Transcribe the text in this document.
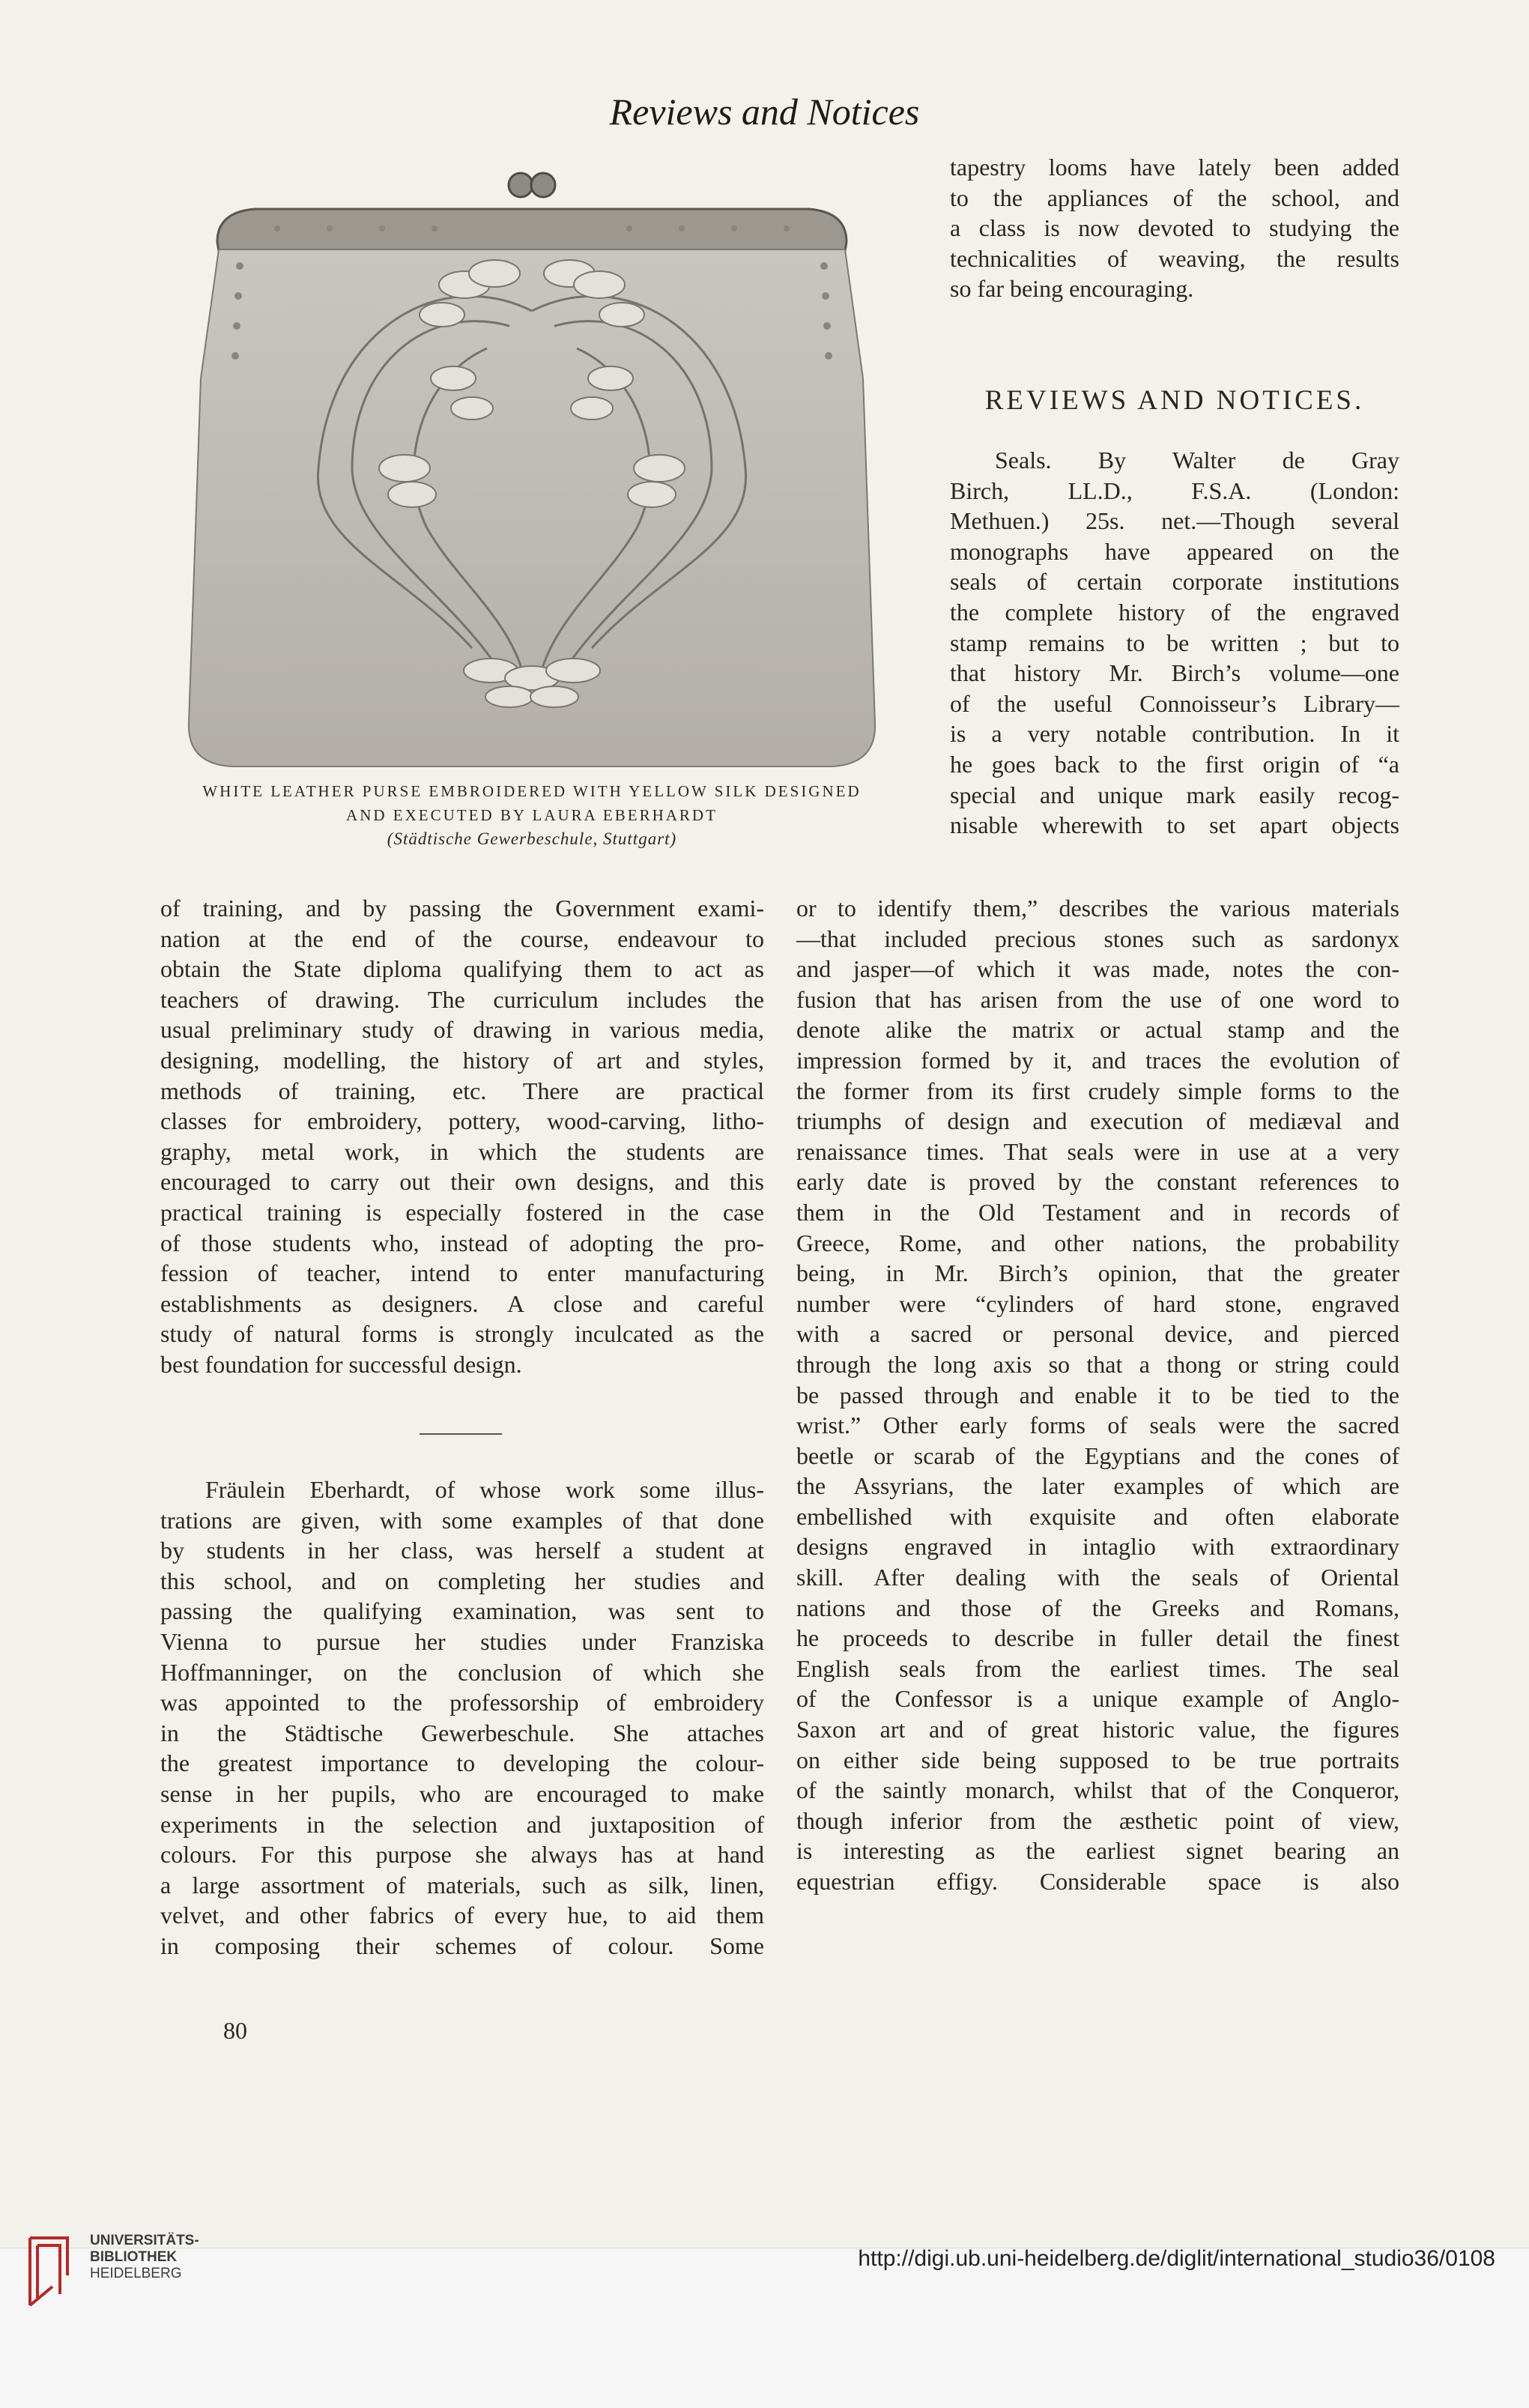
Reviews and Notices
WHITE LEATHER PURSE EMBROIDERED WITH YELLOW SILK DESIGNED
AND EXECUTED BY LAURA EBERHARDT
(Städtische Gewerbeschule, Stuttgart)
tapestry looms have lately been added
to the appliances of the school, and
a class is now devoted to studying the
technicalities of weaving, the results
so far being encouraging.
REVIEWS AND NOTICES.
Seals. By Walter de Gray
Birch, LL.D., F.S.A. (London:
Methuen.) 25s. net.—Though several
monographs have appeared on the
seals of certain corporate institutions
the complete history of the engraved
stamp remains to be written ; but to
that history Mr. Birch’s volume—one
of the useful Connoisseur’s Library—
is a very notable contribution. In it
he goes back to the first origin of “a
special and unique mark easily recog-
nisable wherewith to set apart objects
or to identify them,” describes the various materials
—that included precious stones such as sardonyx
and jasper—of which it was made, notes the con-
fusion that has arisen from the use of one word to
denote alike the matrix or actual stamp and the
impression formed by it, and traces the evolution of
the former from its first crudely simple forms to the
triumphs of design and execution of mediæval and
renaissance times. That seals were in use at a very
early date is proved by the constant references to
them in the Old Testament and in records of
Greece, Rome, and other nations, the probability
being, in Mr. Birch’s opinion, that the greater
number were “cylinders of hard stone, engraved
with a sacred or personal device, and pierced
through the long axis so that a thong or string could
be passed through and enable it to be tied to the
wrist.” Other early forms of seals were the sacred
beetle or scarab of the Egyptians and the cones of
the Assyrians, the later examples of which are
embellished with exquisite and often elaborate
designs engraved in intaglio with extraordinary
skill. After dealing with the seals of Oriental
nations and those of the Greeks and Romans,
he proceeds to describe in fuller detail the finest
English seals from the earliest times. The seal
of the Confessor is a unique example of Anglo-
Saxon art and of great historic value, the figures
on either side being supposed to be true portraits
of the saintly monarch, whilst that of the Conqueror,
though inferior from the æsthetic point of view,
is interesting as the earliest signet bearing an
equestrian effigy. Considerable space is also
of training, and by passing the Government exami-
nation at the end of the course, endeavour to
obtain the State diploma qualifying them to act as
teachers of drawing. The curriculum includes the
usual preliminary study of drawing in various media,
designing, modelling, the history of art and styles,
methods of training, etc. There are practical
classes for embroidery, pottery, wood-carving, litho-
graphy, metal work, in which the students are
encouraged to carry out their own designs, and this
practical training is especially fostered in the case
of those students who, instead of adopting the pro-
fession of teacher, intend to enter manufacturing
establishments as designers. A close and careful
study of natural forms is strongly inculcated as the
best foundation for successful design.
Fräulein Eberhardt, of whose work some illus-
trations are given, with some examples of that done
by students in her class, was herself a student at
this school, and on completing her studies and
passing the qualifying examination, was sent to
Vienna to pursue her studies under Franziska
Hoffmanninger, on the conclusion of which she
was appointed to the professorship of embroidery
in the Städtische Gewerbeschule. She attaches
the greatest importance to developing the colour-
sense in her pupils, who are encouraged to make
experiments in the selection and juxtaposition of
colours. For this purpose she always has at hand
a large assortment of materials, such as silk, linen,
velvet, and other fabrics of every hue, to aid them
in composing their schemes of colour. Some
80
UNIVERSITÄTS-
BIBLIOTHEK
HEIDELBERG
http://digi.ub.uni-heidelberg.de/diglit/international_studio36/0108
